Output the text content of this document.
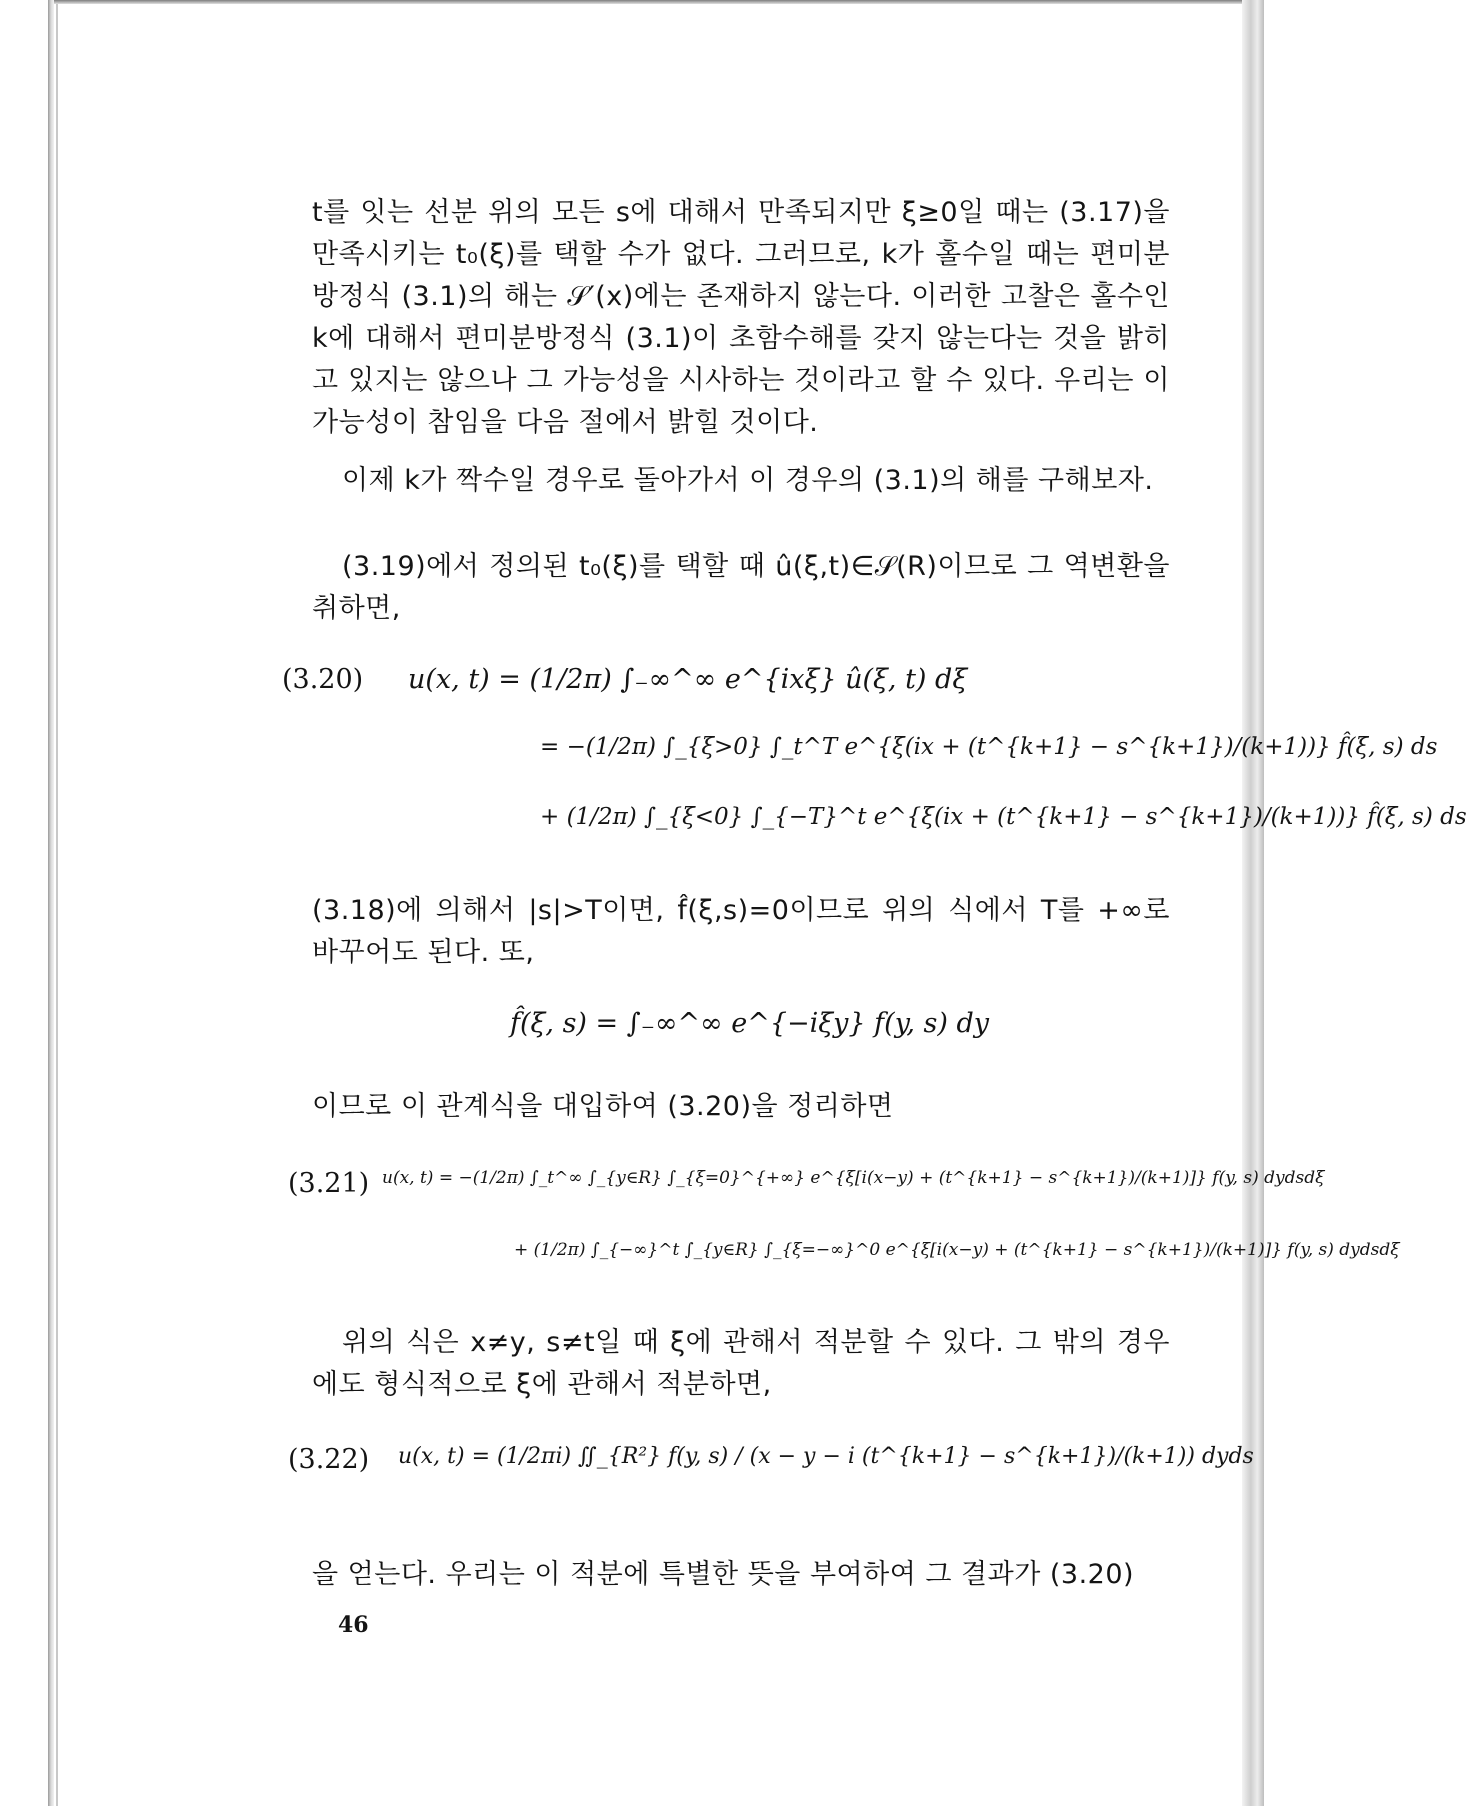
t를 잇는 선분 위의 모든 s에 대해서 만족되지만 ξ≥0일 때는 (3.17)을 만족시키는 t₀(ξ)를 택할 수가 없다. 그러므로, k가 홀수일 때는 편미분방정식 (3.1)의 해는 𝒮′(x)에는 존재하지 않는다. 이러한 고찰은 홀수인 k에 대해서 편미분방정식 (3.1)이 초함수해를 갖지 않는다는 것을 밝히고 있지는 않으나 그 가능성을 시사하는 것이라고 할 수 있다. 우리는 이 가능성이 참임을 다음 절에서 밝힐 것이다.

이제 k가 짝수일 경우로 돌아가서 이 경우의 (3.1)의 해를 구해보자.

(3.19)에서 정의된 t₀(ξ)를 택할 때 û(ξ,t)∈𝒮(R)이므로 그 역변환을 취하면,

(3.20) u(x, t) = (1/2π) ∫₋∞^∞ e^{ixξ} û(ξ, t) dξ
= −(1/2π) ∫_{ξ>0} ∫_t^T e^{ξ(ix + (t^{k+1} − s^{k+1})/(k+1))} f̂(ξ, s) ds
+ (1/2π) ∫_{ξ<0} ∫_{−T}^t e^{ξ(ix + (t^{k+1} − s^{k+1})/(k+1))} f̂(ξ, s) ds

(3.18)에 의해서 |s|>T이면, f̂(ξ,s)=0이므로 위의 식에서 T를 +∞로 바꾸어도 된다. 또,

f̂(ξ, s) = ∫₋∞^∞ e^{−iξy} f(y, s) dy

이므로 이 관계식을 대입하여 (3.20)을 정리하면

(3.21) u(x, t) = −(1/2π) ∫_t^∞ ∫_{y∈R} ∫_{ξ=0}^{+∞} e^{ξ[i(x−y) + (t^{k+1} − s^{k+1})/(k+1)]} f(y, s) dydsdξ
+ (1/2π) ∫_{−∞}^t ∫_{y∈R} ∫_{ξ=−∞}^0 e^{ξ[i(x−y) + (t^{k+1} − s^{k+1})/(k+1)]} f(y, s) dydsdξ

위의 식은 x≠y, s≠t일 때 ξ에 관해서 적분할 수 있다. 그 밖의 경우에도 형식적으로 ξ에 관해서 적분하면,

(3.22) u(x, t) = (1/2πi) ∬_{R²} f(y, s) / (x − y − i (t^{k+1} − s^{k+1})/(k+1)) dyds

을 얻는다. 우리는 이 적분에 특별한 뜻을 부여하여 그 결과가 (3.20)

46
